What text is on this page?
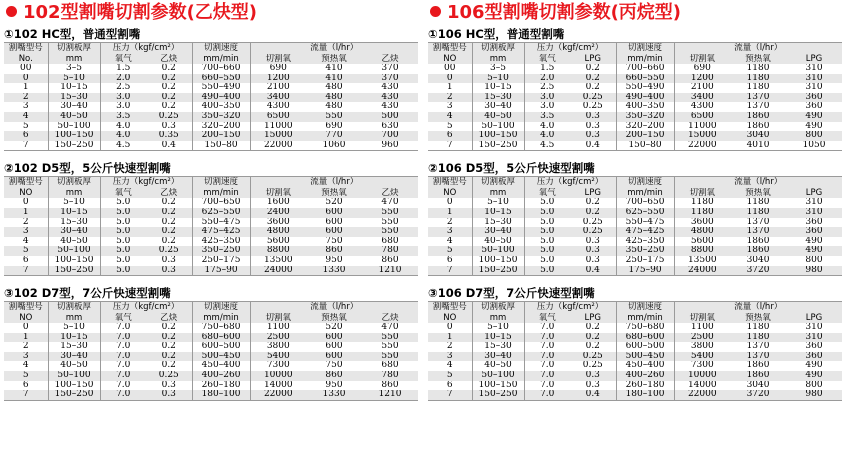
102型割嘴切割参数(乙炔型)
①102 HC型，普通型割嘴
割嘴型号	切割板厚	压力（kgf/cm²）		切割速度	流量（l/hr）		
No.	mm	氧气	乙炔	mm/min	切割氧	预热氧	乙炔
00	3–5	1.5	0.2	700–660	690	410	370
0	5–10	2.0	0.2	660–550	1200	410	370
1	10–15	2.5	0.2	550–490	2100	480	430
2	15–30	3.0	0.2	490–400	3400	480	430
3	30–40	3.0	0.2	400–350	4300	480	430
4	40–50	3.5	0.25	350–320	6500	550	500
5	50–100	4.0	0.3	320–200	11000	690	630
6	100–150	4.0	0.35	200–150	15000	770	700
7	150–250	4.5	0.4	150–80	22000	1060	960
②102 D5型，5公斤快速型割嘴
割嘴型号	切割板厚	压力（kgf/cm²）		切割速度	流量（l/hr）		
NO	mm	氧气	乙炔	mm/min	切割氧	预热氧	乙炔
0	5–10	5.0	0.2	700–650	1600	520	470
1	10–15	5.0	0.2	625–550	2400	600	550
2	15–30	5.0	0.2	550–475	3600	600	550
3	30–40	5.0	0.2	475–425	4800	600	550
4	40–50	5.0	0.2	425–350	5600	750	680
5	50–100	5.0	0.25	350–250	8800	860	780
6	100–150	5.0	0.3	250–175	13500	950	860
7	150–250	5.0	0.3	175–90	24000	1330	1210
③102 D7型，7公斤快速型割嘴
割嘴型号	切割板厚	压力（kgf/cm²）		切割速度	流量（l/hr）		
NO	mm	氧气	乙炔	mm/min	切割氧	预热氧	乙炔
0	5–10	7.0	0.2	750–680	1100	520	470
1	10–15	7.0	0.2	680–600	2500	600	550
2	15–30	7.0	0.2	600–500	3800	600	550
3	30–40	7.0	0.2	500–450	5400	600	550
4	40–50	7.0	0.2	450–400	7300	750	680
5	50–100	7.0	0.25	400–260	10000	860	780
6	100–150	7.0	0.3	260–180	14000	950	860
7	150–250	7.0	0.3	180–100	22000	1330	1210
106型割嘴切割参数(丙烷型)
①106 HC型，普通型割嘴
割嘴型号	切割板厚	压力（kgf/cm²）		切割速度	流量（l/hr）		
NO	mm	氧气	LPG	mm/min	切割氧	预热氧	LPG
00	3–5	1.5	0.2	700–660	690	1180	310
0	5–10	2.0	0.2	660–550	1200	1180	310
1	10–15	2.5	0.2	550–490	2100	1180	310
2	15–30	3.0	0.25	490–400	3400	1370	360
3	30–40	3.0	0.25	400–350	4300	1370	360
4	40–50	3.5	0.3	350–320	6500	1860	490
5	50–100	4.0	0.3	320–200	11000	1860	490
6	100–150	4.0	0.3	200–150	15000	3040	800
7	150–250	4.5	0.4	150–80	22000	4010	1050
②106 D5型，5公斤快速型割嘴
割嘴型号	切割板厚	压力（kgf/cm²）		切割速度	流量（l/hr）		
NO	mm	氧气	LPG	mm/min	切割氧	预热氧	LPG
0	5–10	5.0	0.2	700–650	1180	1180	310
1	10–15	5.0	0.2	625–550	1180	1180	310
2	15–30	5.0	0.25	550–475	3600	1370	360
3	30–40	5.0	0.25	475–425	4800	1370	360
4	40–50	5.0	0.3	425–350	5600	1860	490
5	50–100	5.0	0.3	350–250	8800	1860	490
6	100–150	5.0	0.3	250–175	13500	3040	800
7	150–250	5.0	0.4	175–90	24000	3720	980
③106 D7型，7公斤快速型割嘴
割嘴型号	切割板厚	压力（kgf/cm²）		切割速度	流量（l/hr）		
NO	mm	氧气	LPG	mm/min	切割氧	预热氧	LPG
0	5–10	7.0	0.2	750–680	1100	1180	310
1	10–15	7.0	0.2	680–600	2500	1180	310
2	15–30	7.0	0.2	600–500	3800	1370	360
3	30–40	7.0	0.25	500–450	5400	1370	360
4	40–50	7.0	0.25	450–400	7300	1860	490
5	50–100	7.0	0.3	400–260	10000	1860	490
6	100–150	7.0	0.3	260–180	14000	3040	800
7	150–250	7.0	0.4	180–100	22000	3720	980
